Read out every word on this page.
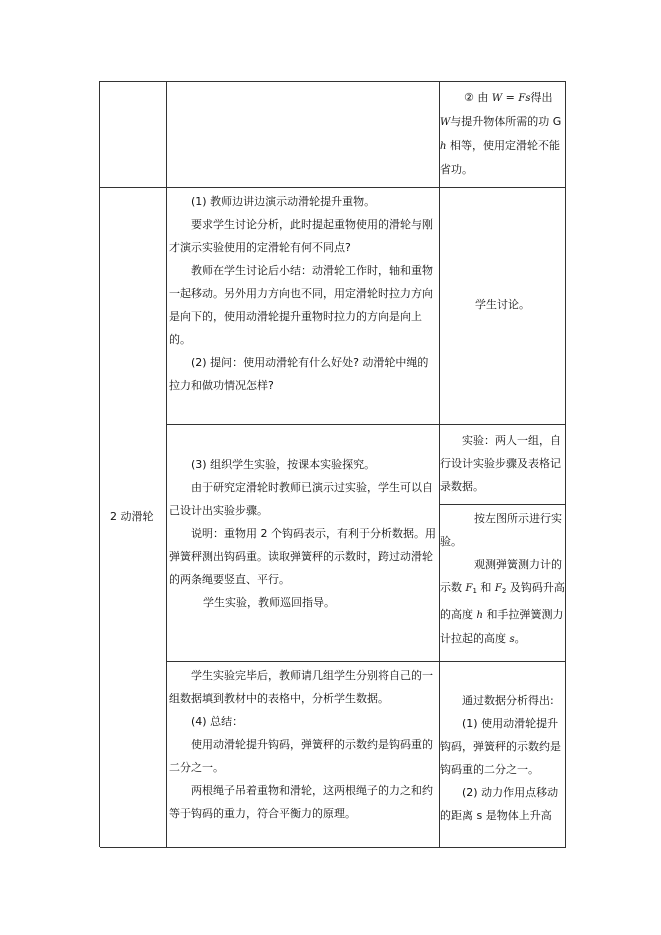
② 由 W = Fs得出

W与提升物体所需的功 G

h 相等，使用定滑轮不能

省功。

2 动滑轮

(1) 教师边讲边演示动滑轮提升重物。

要求学生讨论分析，此时提起重物使用的滑轮与刚才演示实验使用的定滑轮有何不同点?

教师在学生讨论后小结：动滑轮工作时，轴和重物一起移动。另外用力方向也不同，用定滑轮时拉力方向是向下的，使用动滑轮提升重物时拉力的方向是向上的。

(2) 提问：使用动滑轮有什么好处? 动滑轮中绳的拉力和做功情况怎样?

学生讨论。

(3) 组织学生实验，按课本实验探究。

由于研究定滑轮时教师已演示过实验，学生可以自己设计出实验步骤。

说明：重物用 2 个钩码表示，有利于分析数据。用弹簧秤测出钩码重。读取弹簧秤的示数时，跨过动滑轮的两条绳要竖直、平行。

学生实验，教师巡回指导。

实验：两人一组，自行设计实验步骤及表格记录数据。

按左图所示进行实验。

观测弹簧测力计的示数 $F_1$ 和 $F_2$ 及钩码升高的高度 h 和手拉弹簧测力计拉起的高度 s。

学生实验完毕后，教师请几组学生分别将自己的一组数据填到教材中的表格中，分析学生数据。

(4) 总结：

使用动滑轮提升钩码，弹簧秤的示数约是钩码重的二分之一。

两根绳子吊着重物和滑轮，这两根绳子的力之和约等于钩码的重力，符合平衡力的原理。

通过数据分析得出:

(1) 使用动滑轮提升钩码，弹簧秤的示数约是钩码重的二分之一。

(2) 动力作用点移动的距离 s 是物体上升高
